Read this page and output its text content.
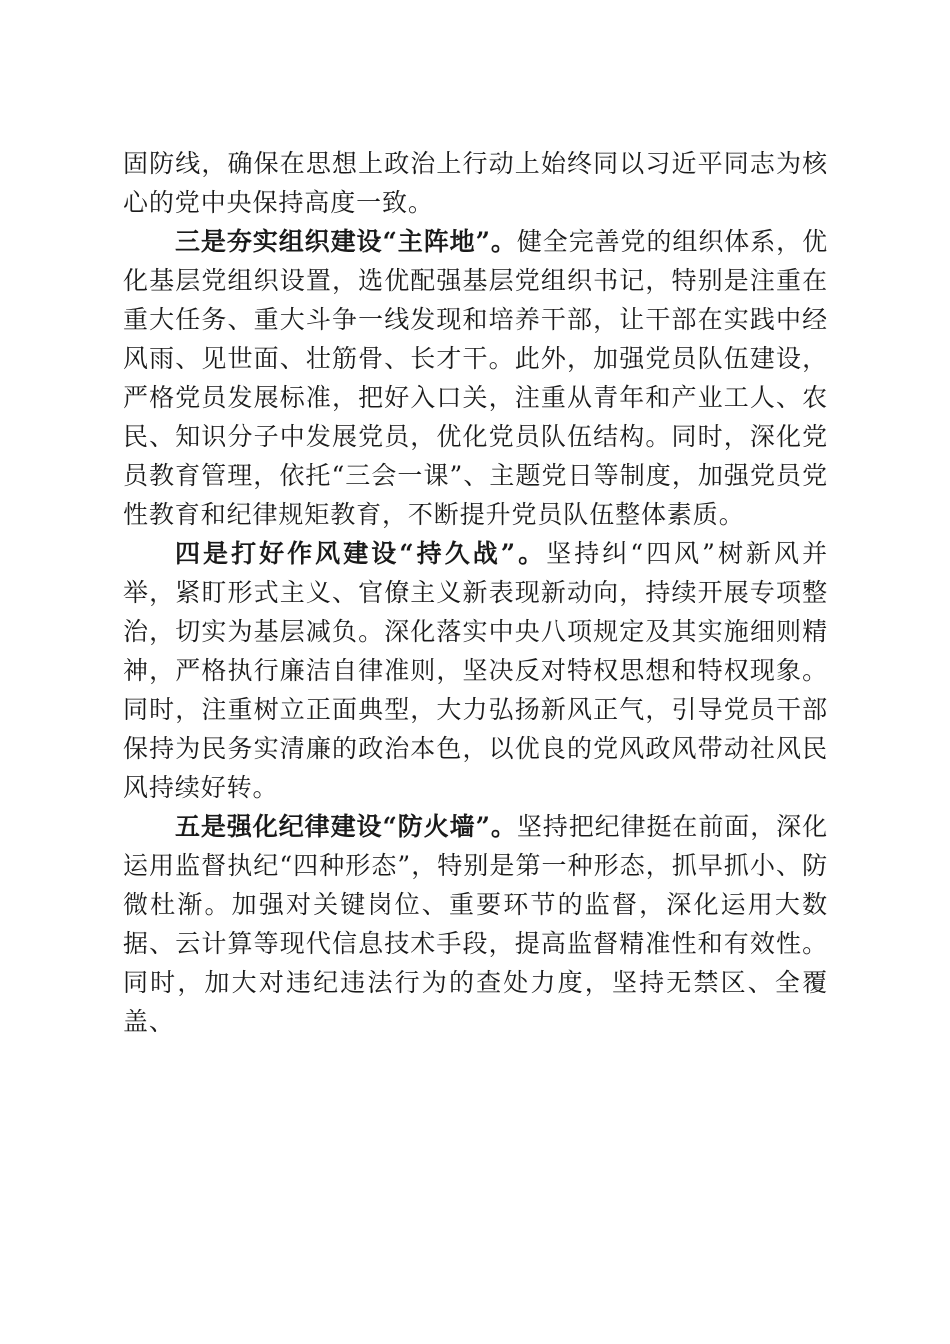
固防线，确保在思想上政治上行动上始终同以习近平同志为核心的党中央保持高度一致。

三是夯实组织建设“主阵地”。健全完善党的组织体系，优化基层党组织设置，选优配强基层党组织书记，特别是注重在重大任务、重大斗争一线发现和培养干部，让干部在实践中经风雨、见世面、壮筋骨、长才干。此外，加强党员队伍建设，严格党员发展标准，把好入口关，注重从青年和产业工人、农民、知识分子中发展党员，优化党员队伍结构。同时，深化党员教育管理，依托“三会一课”、主题党日等制度，加强党员党性教育和纪律规矩教育，不断提升党员队伍整体素质。

四是打好作风建设“持久战”。坚持纠“四风”树新风并举，紧盯形式主义、官僚主义新表现新动向，持续开展专项整治，切实为基层减负。深化落实中央八项规定及其实施细则精神，严格执行廉洁自律准则，坚决反对特权思想和特权现象。同时，注重树立正面典型，大力弘扬新风正气，引导党员干部保持为民务实清廉的政治本色，以优良的党风政风带动社风民风持续好转。

五是强化纪律建设“防火墙”。坚持把纪律挺在前面，深化运用监督执纪“四种形态”，特别是第一种形态，抓早抓小、防微杜渐。加强对关键岗位、重要环节的监督，深化运用大数据、云计算等现代信息技术手段，提高监督精准性和有效性。同时，加大对违纪违法行为的查处力度，坚持无禁区、全覆盖、
